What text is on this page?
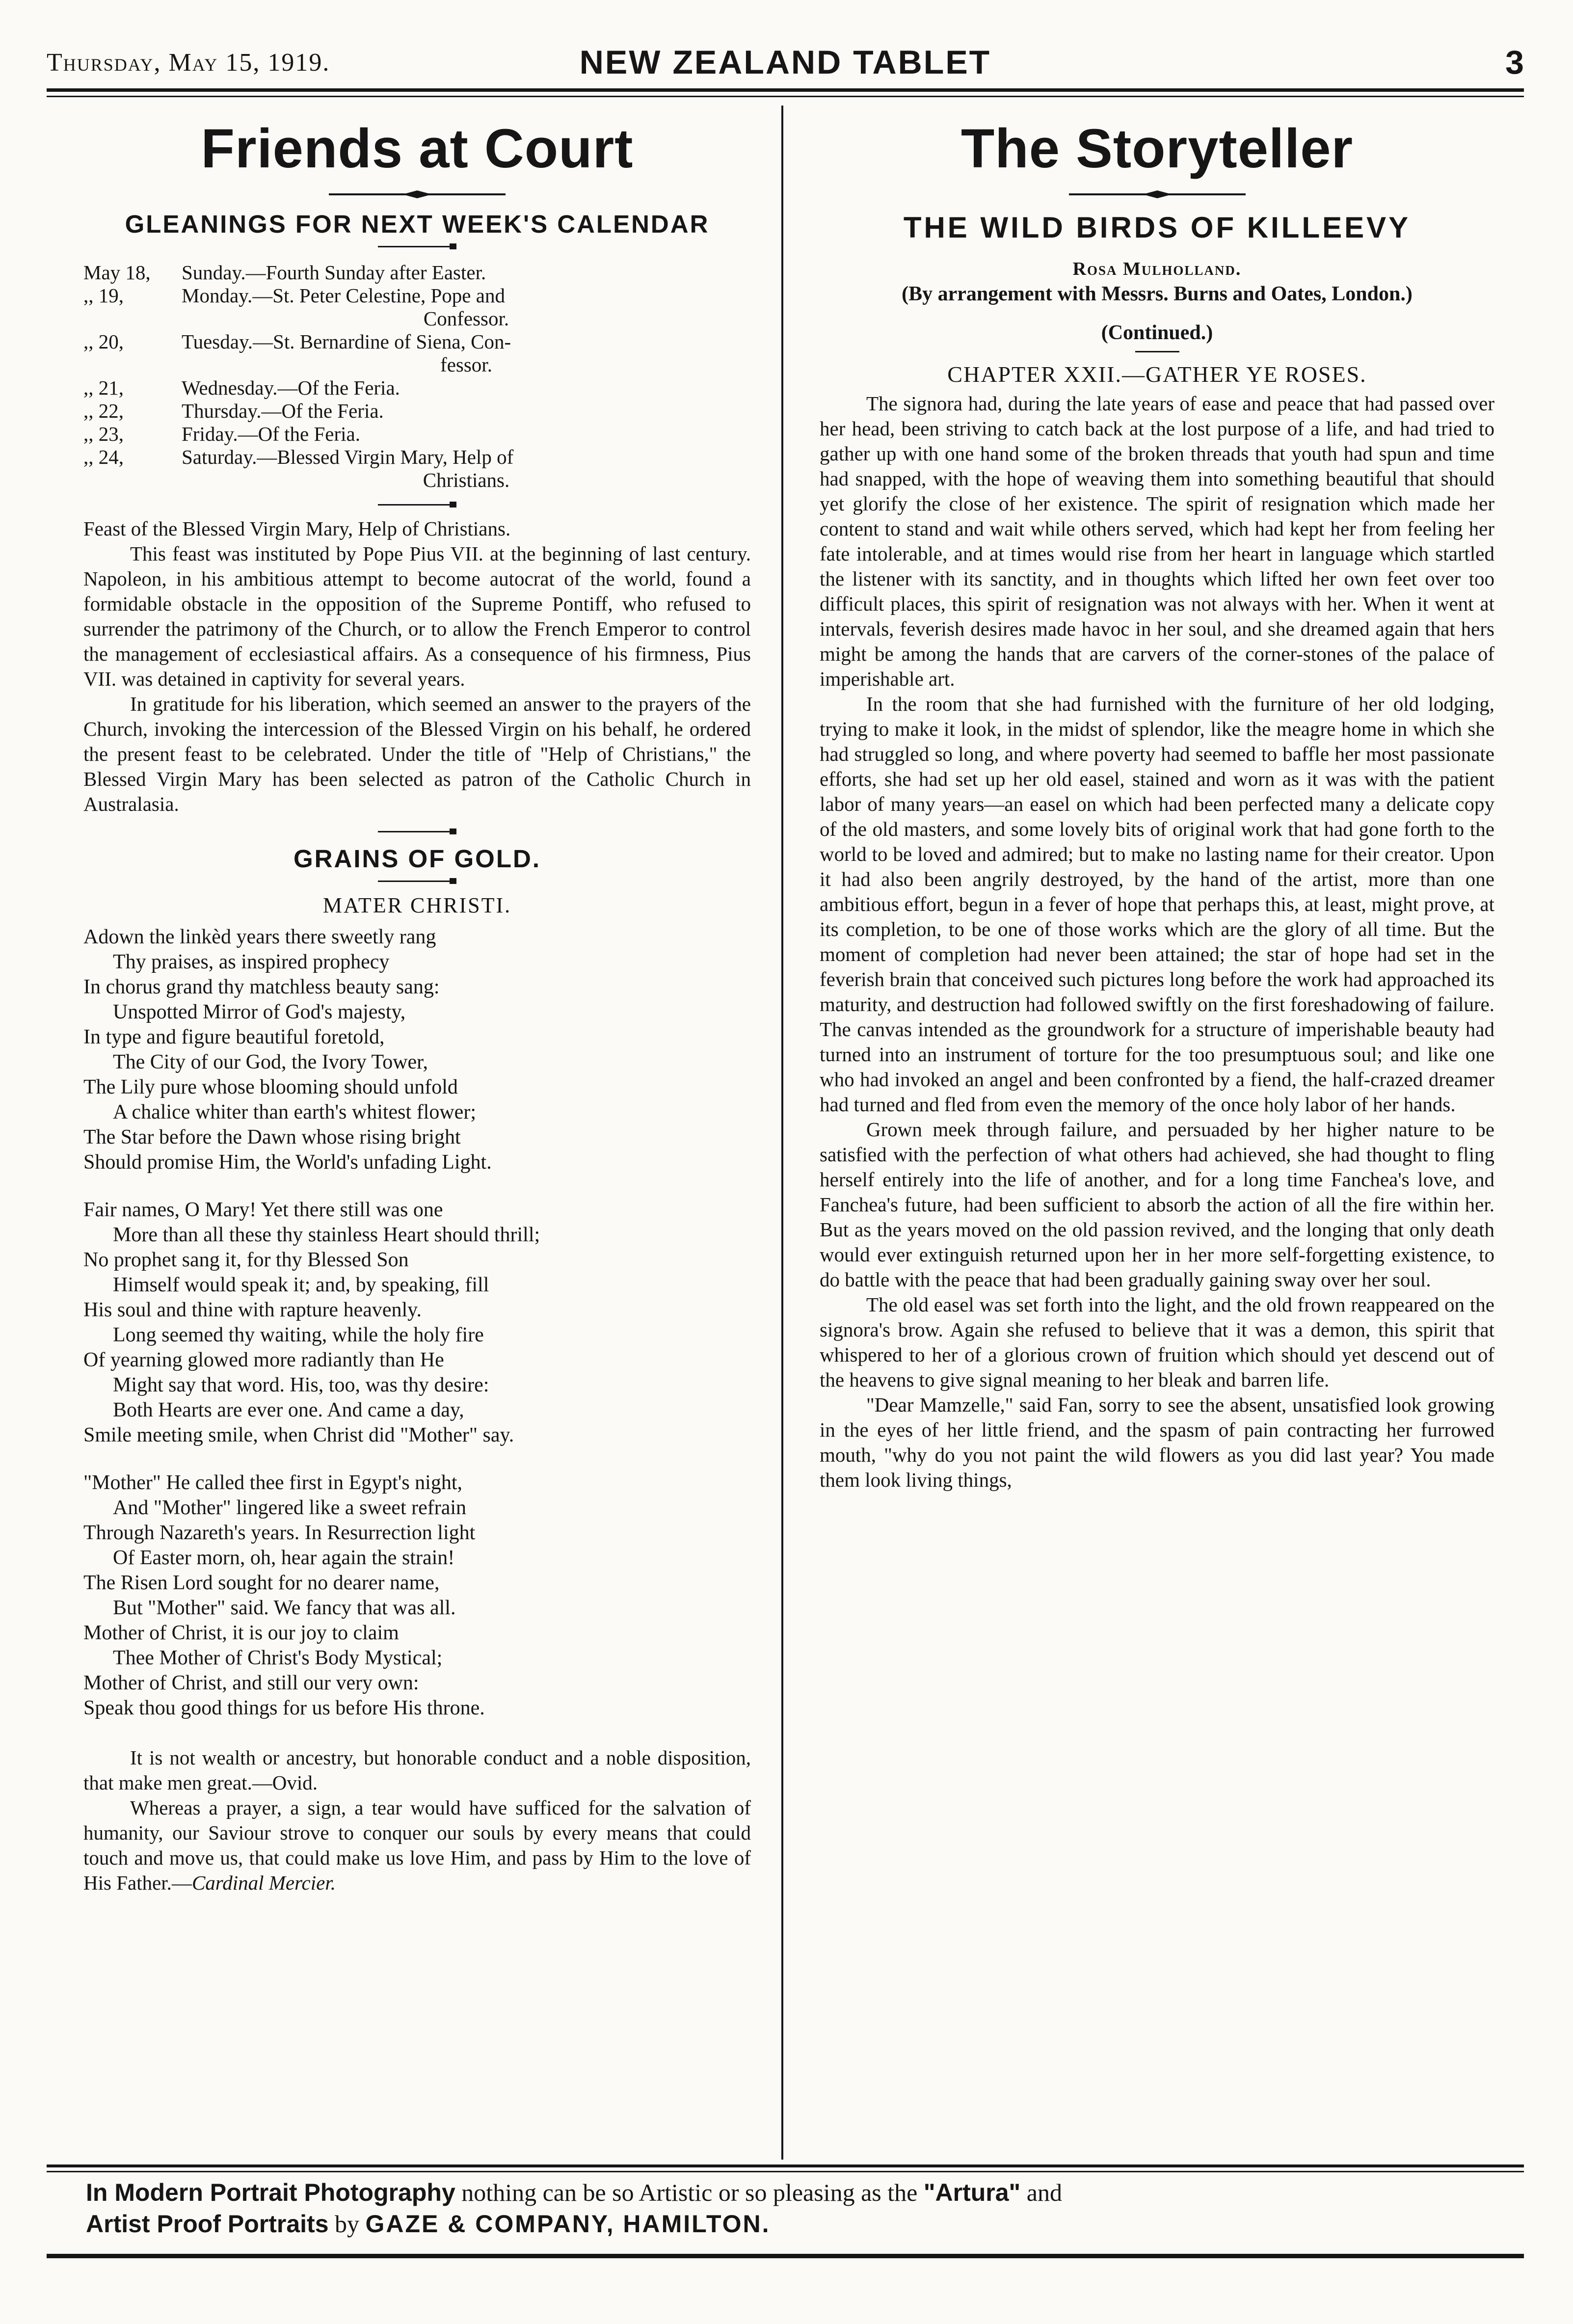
Thursday, May 15, 1919.	NEW ZEALAND TABLET	3
Friends at Court
GLEANINGS FOR NEXT WEEK'S CALENDAR
May 18,	Sunday.—Fourth Sunday after Easter.
,, 19,	Monday.—St. Peter Celestine, Pope and
Confessor.
,, 20,	Tuesday.—St. Bernardine of Siena, Con-
fessor.
,, 21,	Wednesday.—Of the Feria.
,, 22,	Thursday.—Of the Feria.
,, 23,	Friday.—Of the Feria.
,, 24,	Saturday.—Blessed Virgin Mary, Help of
Christians.

Feast of the Blessed Virgin Mary, Help of Christians.

This feast was instituted by Pope Pius VII. at the beginning of last century. Napoleon, in his ambitious attempt to become autocrat of the world, found a formidable obstacle in the opposition of the Supreme Pontiff, who refused to surrender the patrimony of the Church, or to allow the French Emperor to control the management of ecclesiastical affairs. As a consequence of his firmness, Pius VII. was detained in captivity for several years.

In gratitude for his liberation, which seemed an answer to the prayers of the Church, invoking the intercession of the Blessed Virgin on his behalf, he ordered the present feast to be celebrated. Under the title of "Help of Christians," the Blessed Virgin Mary has been selected as patron of the Catholic Church in Australasia.

GRAINS OF GOLD.
MATER CHRISTI.
Adown the linkèd years there sweetly rang
Thy praises, as inspired prophecy
In chorus grand thy matchless beauty sang:
Unspotted Mirror of God's majesty,
In type and figure beautiful foretold,
The City of our God, the Ivory Tower,
The Lily pure whose blooming should unfold
A chalice whiter than earth's whitest flower;
The Star before the Dawn whose rising bright
Should promise Him, the World's unfading Light.
Fair names, O Mary! Yet there still was one
More than all these thy stainless Heart should thrill;
No prophet sang it, for thy Blessed Son
Himself would speak it; and, by speaking, fill
His soul and thine with rapture heavenly.
Long seemed thy waiting, while the holy fire
Of yearning glowed more radiantly than He
Might say that word. His, too, was thy desire:
Both Hearts are ever one. And came a day,
Smile meeting smile, when Christ did "Mother" say.
"Mother" He called thee first in Egypt's night,
And "Mother" lingered like a sweet refrain
Through Nazareth's years. In Resurrection light
Of Easter morn, oh, hear again the strain!
The Risen Lord sought for no dearer name,
But "Mother" said. We fancy that was all.
Mother of Christ, it is our joy to claim
Thee Mother of Christ's Body Mystical;
Mother of Christ, and still our very own:
Speak thou good things for us before His throne.

It is not wealth or ancestry, but honorable conduct and a noble disposition, that make men great.—Ovid.

Whereas a prayer, a sign, a tear would have sufficed for the salvation of humanity, our Saviour strove to conquer our souls by every means that could touch and move us, that could make us love Him, and pass by Him to the love of His Father.—Cardinal Mercier.

The Storyteller
THE WILD BIRDS OF KILLEEVY
Rosa Mulholland.
(By arrangement with Messrs. Burns and Oates, London.)
(Continued.)
CHAPTER XXII.—GATHER YE ROSES.

The signora had, during the late years of ease and peace that had passed over her head, been striving to catch back at the lost purpose of a life, and had tried to gather up with one hand some of the broken threads that youth had spun and time had snapped, with the hope of weaving them into something beautiful that should yet glorify the close of her existence. The spirit of resignation which made her content to stand and wait while others served, which had kept her from feeling her fate intolerable, and at times would rise from her heart in language which startled the listener with its sanctity, and in thoughts which lifted her own feet over too difficult places, this spirit of resignation was not always with her. When it went at intervals, feverish desires made havoc in her soul, and she dreamed again that hers might be among the hands that are carvers of the corner-stones of the palace of imperishable art.

In the room that she had furnished with the furniture of her old lodging, trying to make it look, in the midst of splendor, like the meagre home in which she had struggled so long, and where poverty had seemed to baffle her most passionate efforts, she had set up her old easel, stained and worn as it was with the patient labor of many years—an easel on which had been perfected many a delicate copy of the old masters, and some lovely bits of original work that had gone forth to the world to be loved and admired; but to make no lasting name for their creator. Upon it had also been angrily destroyed, by the hand of the artist, more than one ambitious effort, begun in a fever of hope that perhaps this, at least, might prove, at its completion, to be one of those works which are the glory of all time. But the moment of completion had never been attained; the star of hope had set in the feverish brain that conceived such pictures long before the work had approached its maturity, and destruction had followed swiftly on the first foreshadowing of failure. The canvas intended as the groundwork for a structure of imperishable beauty had turned into an instrument of torture for the too presumptuous soul; and like one who had invoked an angel and been confronted by a fiend, the half-crazed dreamer had turned and fled from even the memory of the once holy labor of her hands.

Grown meek through failure, and persuaded by her higher nature to be satisfied with the perfection of what others had achieved, she had thought to fling herself entirely into the life of another, and for a long time Fanchea's love, and Fanchea's future, had been sufficient to absorb the action of all the fire within her. But as the years moved on the old passion revived, and the longing that only death would ever extinguish returned upon her in her more self-forgetting existence, to do battle with the peace that had been gradually gaining sway over her soul.

The old easel was set forth into the light, and the old frown reappeared on the signora's brow. Again she refused to believe that it was a demon, this spirit that whispered to her of a glorious crown of fruition which should yet descend out of the heavens to give signal meaning to her bleak and barren life.

"Dear Mamzelle," said Fan, sorry to see the absent, unsatisfied look growing in the eyes of her little friend, and the spasm of pain contracting her furrowed mouth, "why do you not paint the wild flowers as you did last year? You made them look living things,

In Modern Portrait Photography nothing can be so Artistic or so pleasing as the "Artura" and
Artist Proof Portraits by GAZE & COMPANY, HAMILTON.
